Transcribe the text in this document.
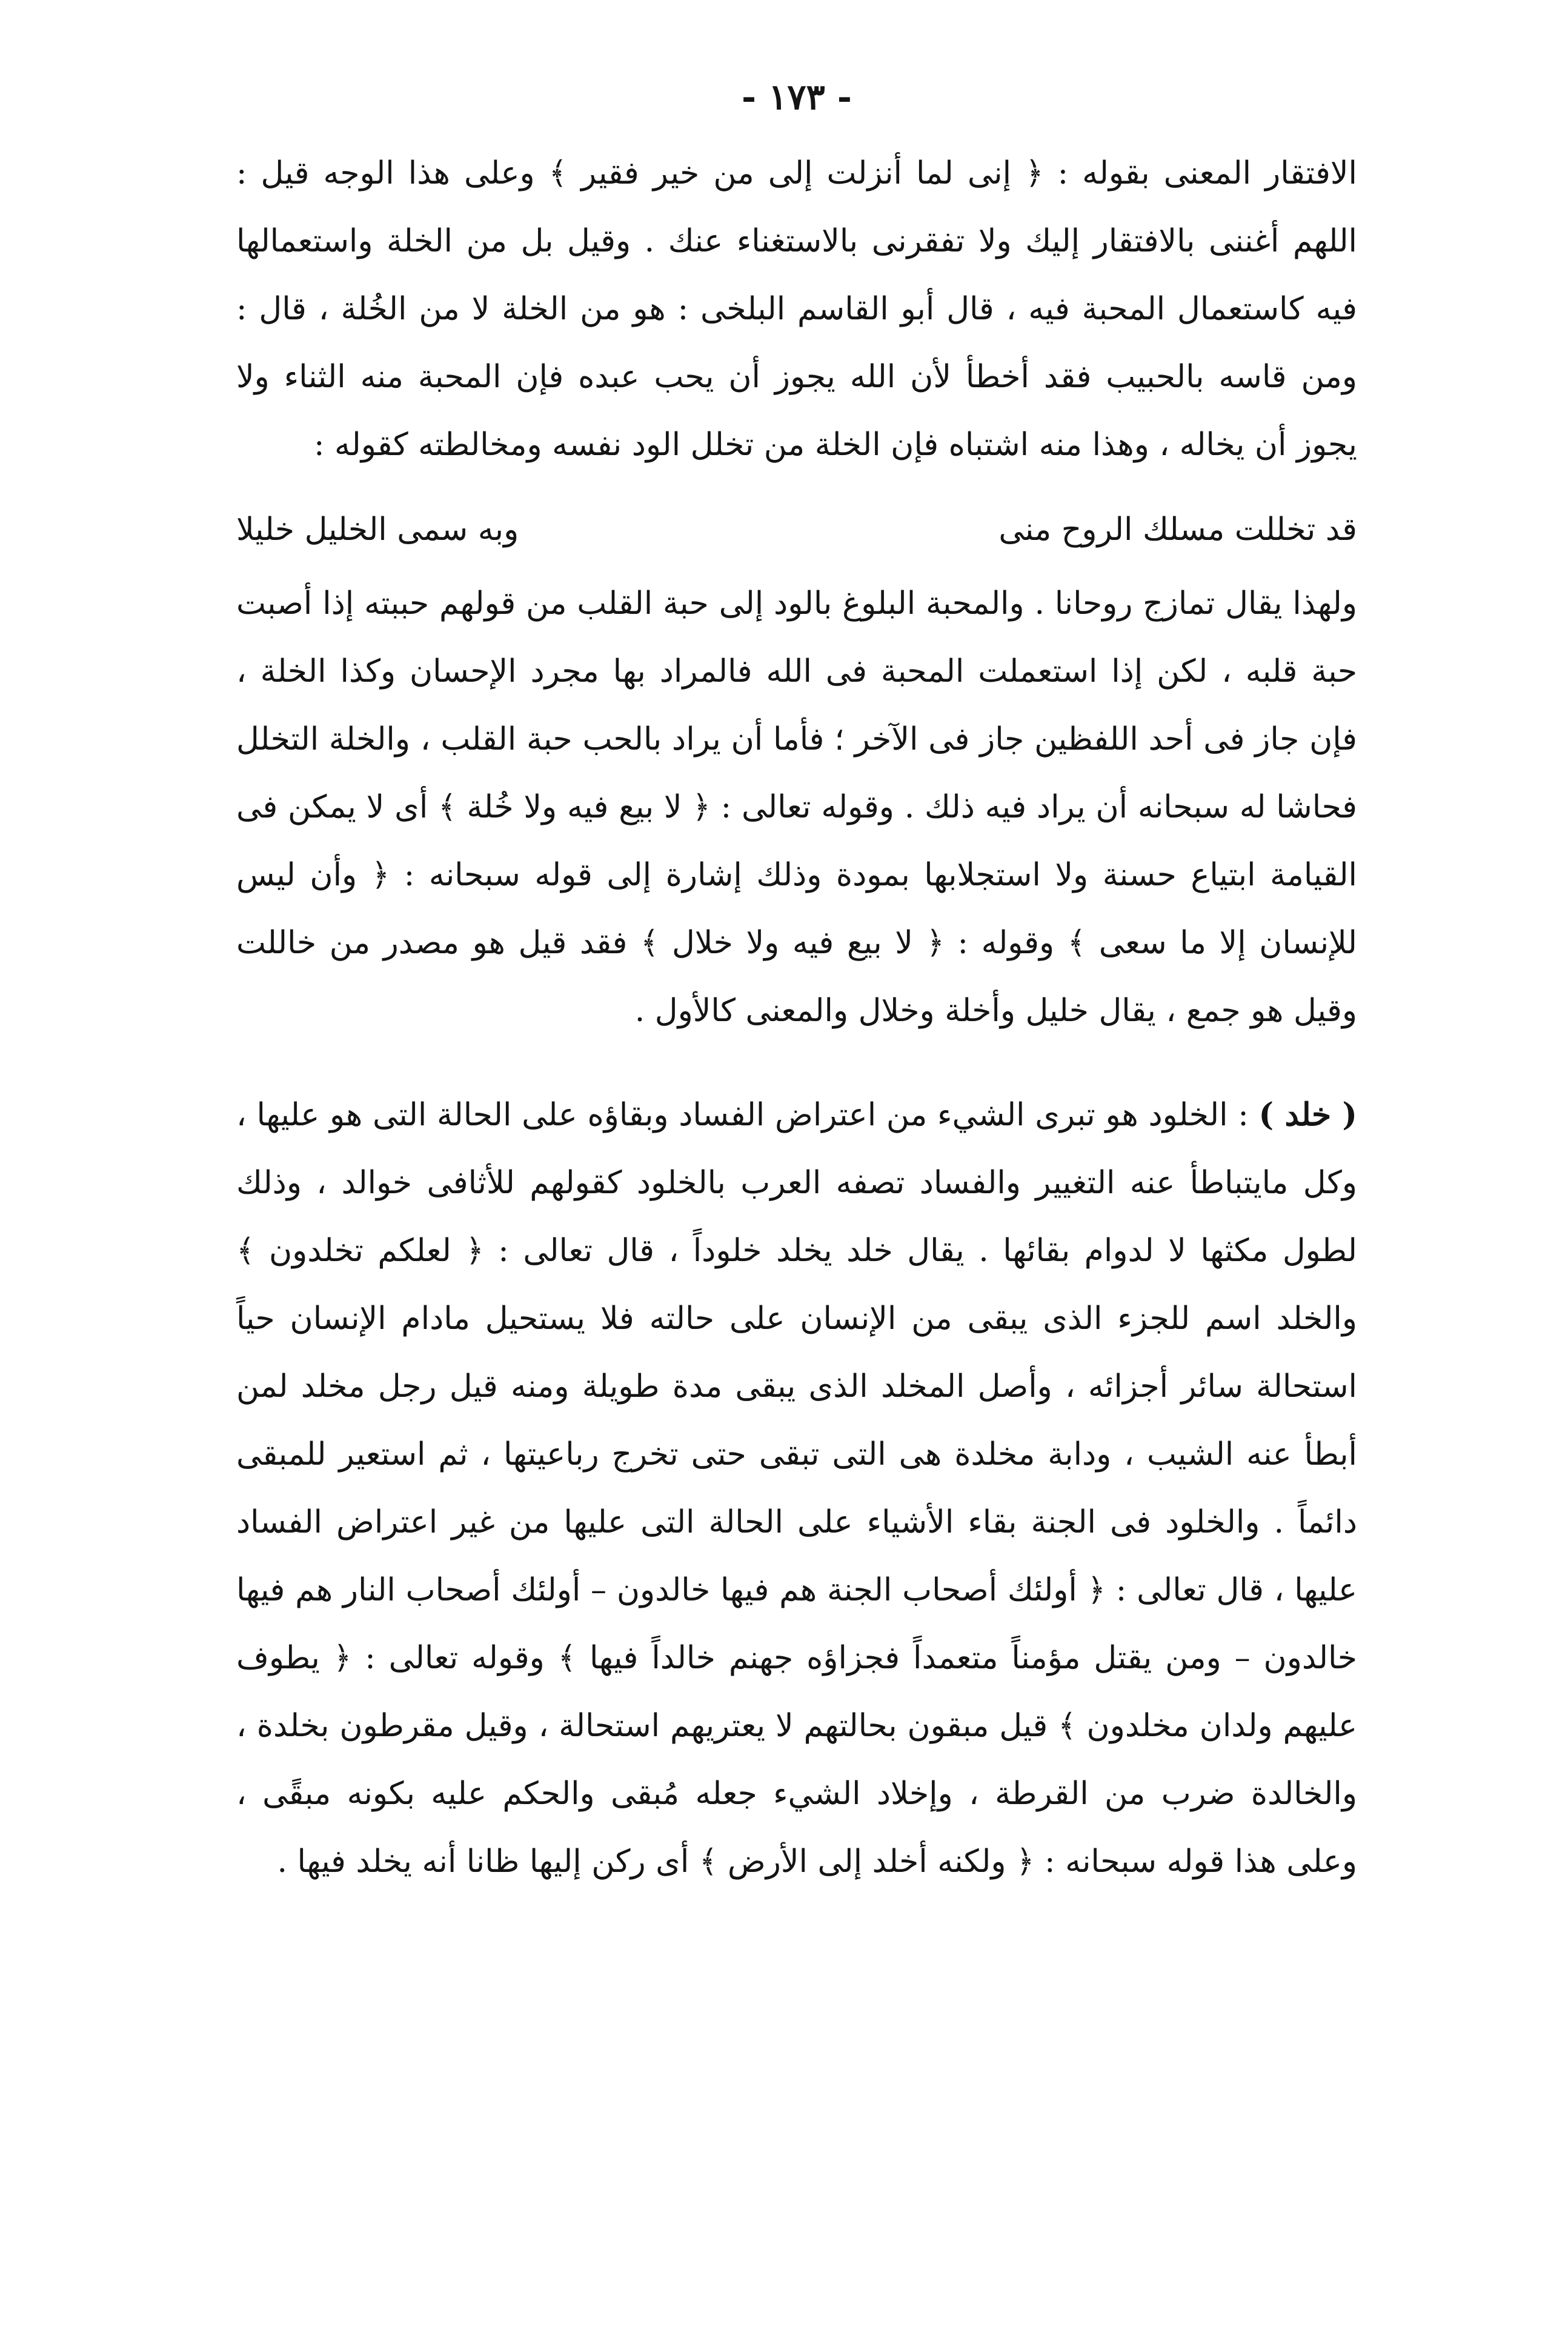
- ١٧٣ -

الافتقار المعنى بقوله : ﴿ إنى لما أنزلت إلى من خير فقير ﴾ وعلى هذا الوجه قيل : اللهم أغننى بالافتقار إليك ولا تفقرنى بالاستغناء عنك . وقيل بل من الخلة واستعمالها فيه كاستعمال المحبة فيه ، قال أبو القاسم البلخى : هو من الخلة لا من الخُلة ، قال : ومن قاسه بالحبيب فقد أخطأ لأن الله يجوز أن يحب عبده فإن المحبة منه الثناء ولا يجوز أن يخاله ، وهذا منه اشتباه فإن الخلة من تخلل الود نفسه ومخالطته كقوله :

قد تخللت مسلك الروح منى
وبه سمى الخليل خليلا

ولهذا يقال تمازج روحانا . والمحبة البلوغ بالود إلى حبة القلب من قولهم حببته إذا أصبت حبة قلبه ، لكن إذا استعملت المحبة فى الله فالمراد بها مجرد الإحسان وكذا الخلة ، فإن جاز فى أحد اللفظين جاز فى الآخر ؛ فأما أن يراد بالحب حبة القلب ، والخلة التخلل فحاشا له سبحانه أن يراد فيه ذلك . وقوله تعالى : ﴿ لا بيع فيه ولا خُلة ﴾ أى لا يمكن فى القيامة ابتياع حسنة ولا استجلابها بمودة وذلك إشارة إلى قوله سبحانه : ﴿ وأن ليس للإنسان إلا ما سعى ﴾ وقوله : ﴿ لا بيع فيه ولا خلال ﴾ فقد قيل هو مصدر من خاللت وقيل هو جمع ، يقال خليل وأخلة وخلال والمعنى كالأول .

( خلد ) : الخلود هو تبرى الشيء من اعتراض الفساد وبقاؤه على الحالة التى هو عليها ، وكل مايتباطأ عنه التغيير والفساد تصفه العرب بالخلود كقولهم للأثافى خوالد ، وذلك لطول مكثها لا لدوام بقائها . يقال خلد يخلد خلوداً ، قال تعالى : ﴿ لعلكم تخلدون ﴾ والخلد اسم للجزء الذى يبقى من الإنسان على حالته فلا يستحيل مادام الإنسان حياً استحالة سائر أجزائه ، وأصل المخلد الذى يبقى مدة طويلة ومنه قيل رجل مخلد لمن أبطأ عنه الشيب ، ودابة مخلدة هى التى تبقى حتى تخرج رباعيتها ، ثم استعير للمبقى دائماً . والخلود فى الجنة بقاء الأشياء على الحالة التى عليها من غير اعتراض الفساد عليها ، قال تعالى : ﴿ أولئك أصحاب الجنة هم فيها خالدون – أولئك أصحاب النار هم فيها خالدون – ومن يقتل مؤمناً متعمداً فجزاؤه جهنم خالداً فيها ﴾ وقوله تعالى : ﴿ يطوف عليهم ولدان مخلدون ﴾ قيل مبقون بحالتهم لا يعتريهم استحالة ، وقيل مقرطون بخلدة ، والخالدة ضرب من القرطة ، وإخلاد الشيء جعله مُبقى والحكم عليه بكونه مبقًى ، وعلى هذا قوله سبحانه : ﴿ ولكنه أخلد إلى الأرض ﴾ أى ركن إليها ظانا أنه يخلد فيها .
